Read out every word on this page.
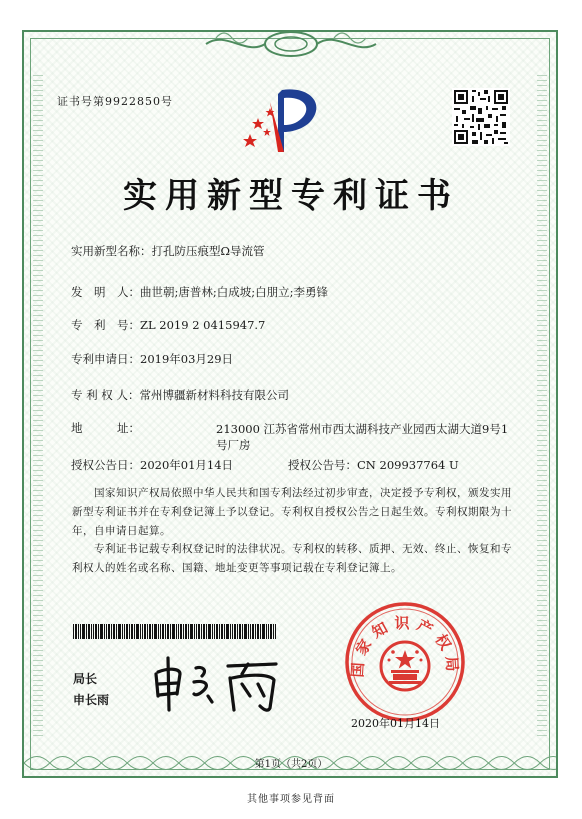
证书号第9922850号
实用新型专利证书
实用新型名称：打孔防压痕型Ω导流管
发　明　人：曲世朝;唐普林;白成坡;白朋立;李勇锋
专　利　号：ZL 2019 2 0415947.7
专利申请日：2019年03月29日
专 利 权 人：常州博疆新材料科技有限公司
地　　　址：	213000 江苏省常州市西太湖科技产业园西太湖大道9号1号厂房
授权公告日：2020年01月14日	授权公告号：CN 209937764 U
国家知识产权局依照中华人民共和国专利法经过初步审查，决定授予专利权，颁发实用新型专利证书并在专利登记簿上予以登记。专利权自授权公告之日起生效。专利权期限为十年，自申请日起算。
专利证书记载专利权登记时的法律状况。专利权的转移、质押、无效、终止、恢复和专利权人的姓名或名称、国籍、地址变更等事项记载在专利登记簿上。
局长
申长雨
国家知识产权局
2020年01月14日
第1页（共2页）
其他事项参见背面
